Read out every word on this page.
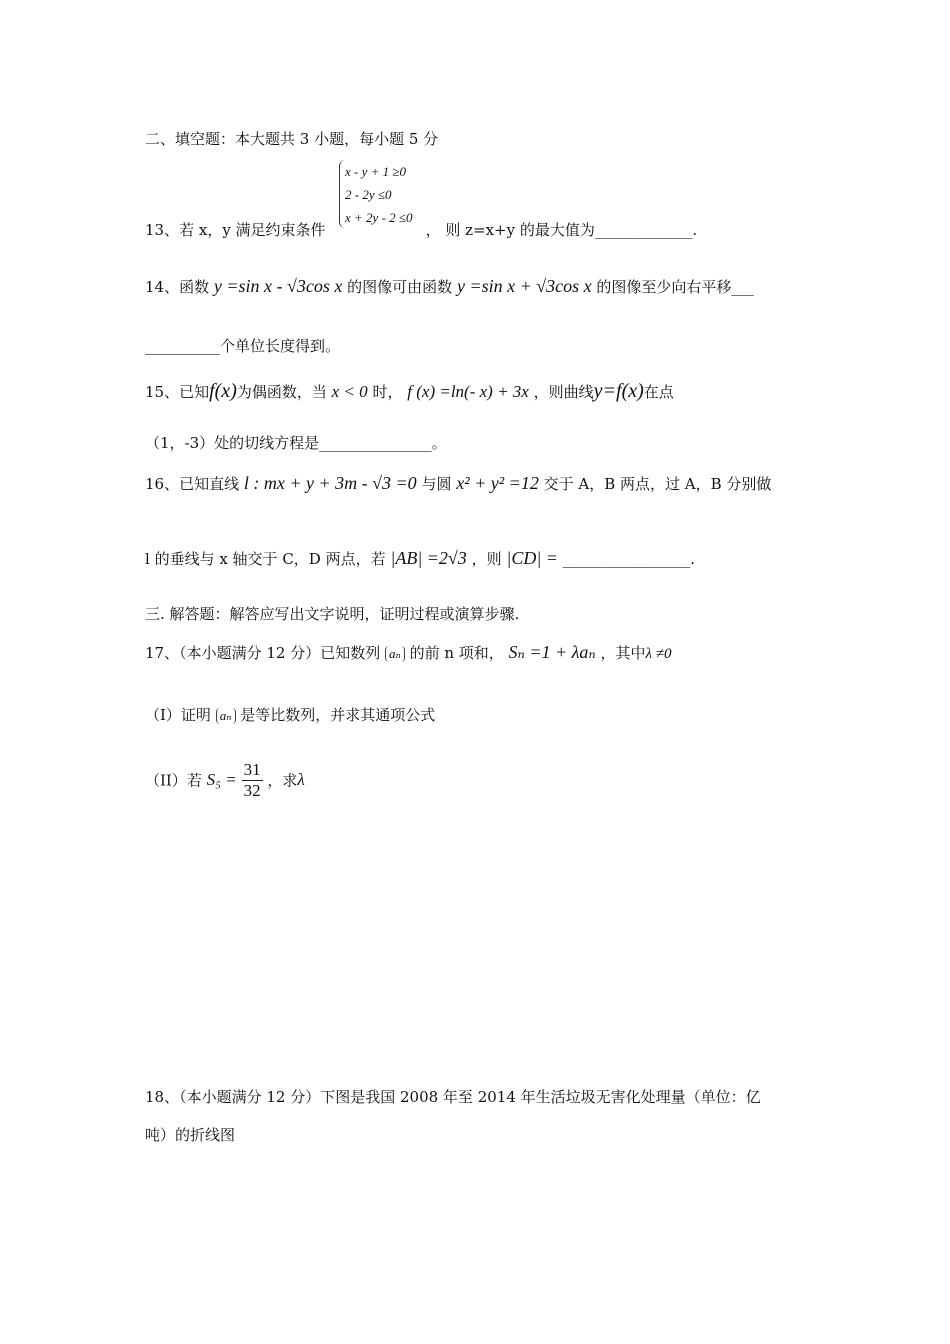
二、填空题：本大题共 3 小题，每小题 5 分
x - y + 1 ≥0
2 - 2y ≤0
x + 2y - 2 ≤0
13、若 x，y 满足约束条件	， 则 z=x+y 的最大值为_____________.
14、函数 y =sin x - √3cos x 的图像可由函数 y =sin x + √3cos x 的图像至少向右平移___
__________个单位长度得到。
15、已知f(x)为偶函数，当 x < 0 时， f (x) =ln(- x) + 3x ，则曲线y=f(x)在点
（1，-3）处的切线方程是_______________。
16、已知直线 l : mx + y + 3m - √3 =0 与圆 x² + y² =12 交于 A，B 两点，过 A，B 分别做
l 的垂线与 x 轴交于 C，D 两点，若 |AB| =2√3 ，则 |CD| = _________________.
三. 解答题：解答应写出文字说明，证明过程或演算步骤.
17、（本小题满分 12 分）已知数列 aₙ 的前 n 项和， Sₙ =1 + λaₙ ，其中λ ≠0
（I）证明 aₙ 是等比数列，并求其通项公式
（II）若 $S_5 = \frac{31}{32}$ ，求λ
18、（本小题满分 12 分）下图是我国 2008 年至 2014 年生活垃圾无害化处理量（单位：亿
吨）的折线图
